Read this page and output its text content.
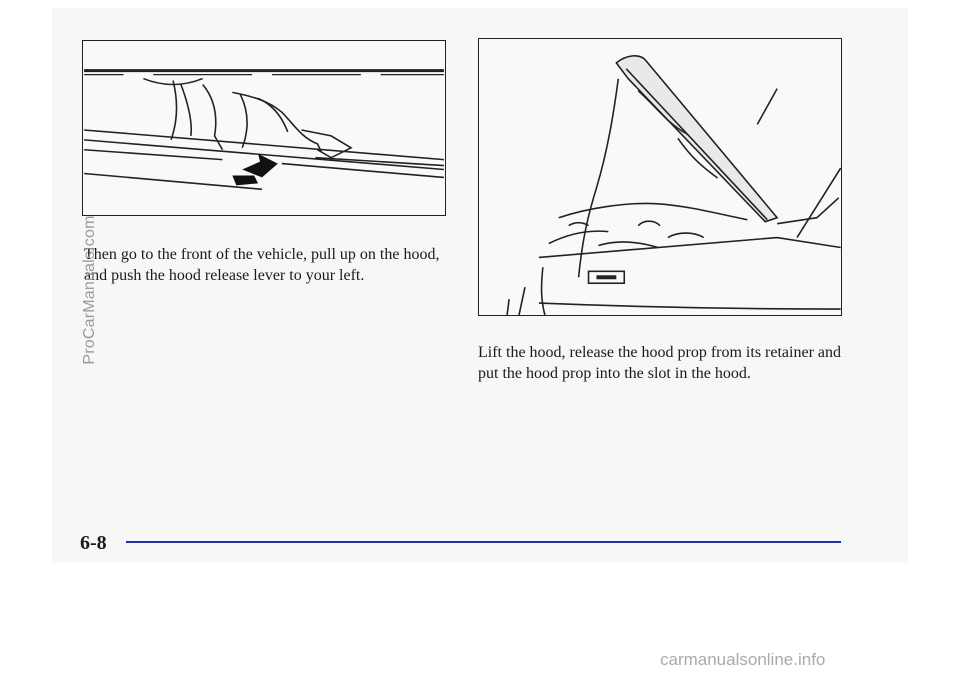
Then go to the front of the vehicle, pull up on the hood, and push the hood release lever to your left.

Lift the hood, release the hood prop from its retainer and put the hood prop into the slot in the hood.

6-8
ProCarManuals.com
carmanualsonline.info
